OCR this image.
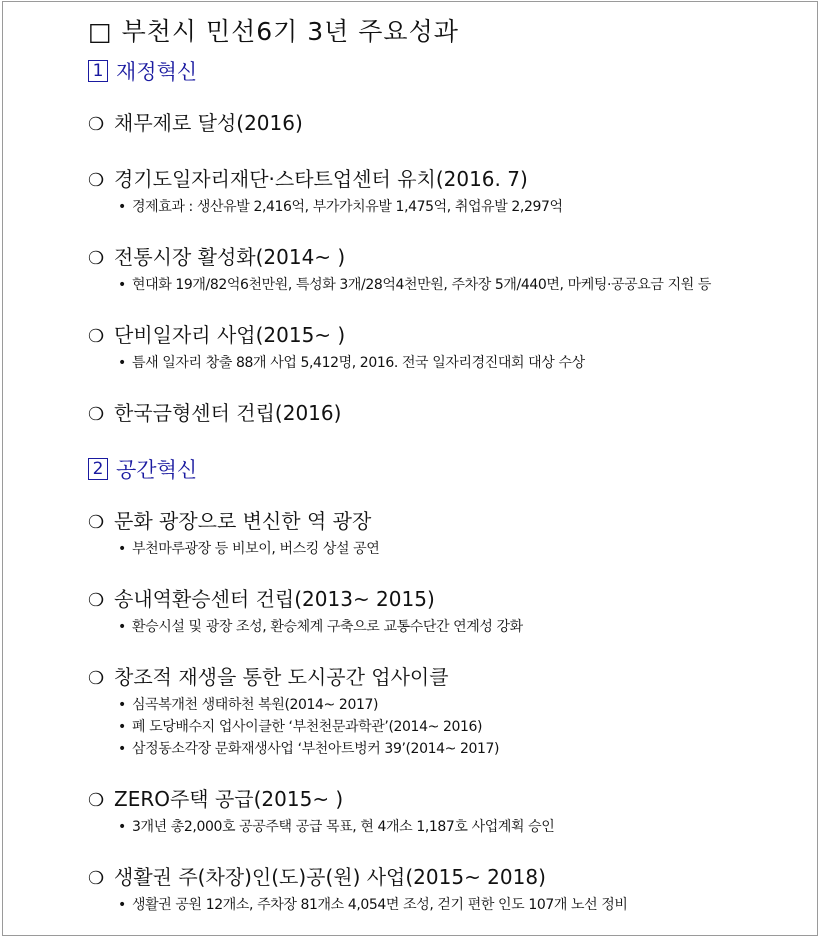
□ 부천시 민선6기 3년 주요성과
1 재정혁신
❍ 채무제로 달성(2016)
❍ 경기도일자리재단·스타트업센터 유치(2016. 7)
• 경제효과 : 생산유발 2,416억, 부가가치유발 1,475억, 취업유발 2,297억
❍ 전통시장 활성화(2014~ )
• 현대화 19개/82억6천만원, 특성화 3개/28억4천만원, 주차장 5개/440면, 마케팅·공공요금 지원 등
❍ 단비일자리 사업(2015~ )
• 틈새 일자리 창출 88개 사업 5,412명, 2016. 전국 일자리경진대회 대상 수상
❍ 한국금형센터 건립(2016)
2 공간혁신
❍ 문화 광장으로 변신한 역 광장
• 부천마루광장 등 비보이, 버스킹 상설 공연
❍ 송내역환승센터 건립(2013~ 2015)
• 환승시설 및 광장 조성, 환승체계 구축으로 교통수단간 연계성 강화
❍ 창조적 재생을 통한 도시공간 업사이클
• 심곡복개천 생태하천 복원(2014~ 2017)
• 폐 도당배수지 업사이클한 ‘부천천문과학관’(2014~ 2016)
• 삼정동소각장 문화재생사업 ‘부천아트벙커 39’(2014~ 2017)
❍ ZERO주택 공급(2015~ )
• 3개년 총2,000호 공공주택 공급 목표, 현 4개소 1,187호 사업계획 승인
❍ 생활권 주(차장)인(도)공(원) 사업(2015~ 2018)
• 생활권 공원 12개소, 주차장 81개소 4,054면 조성, 걷기 편한 인도 107개 노선 정비
